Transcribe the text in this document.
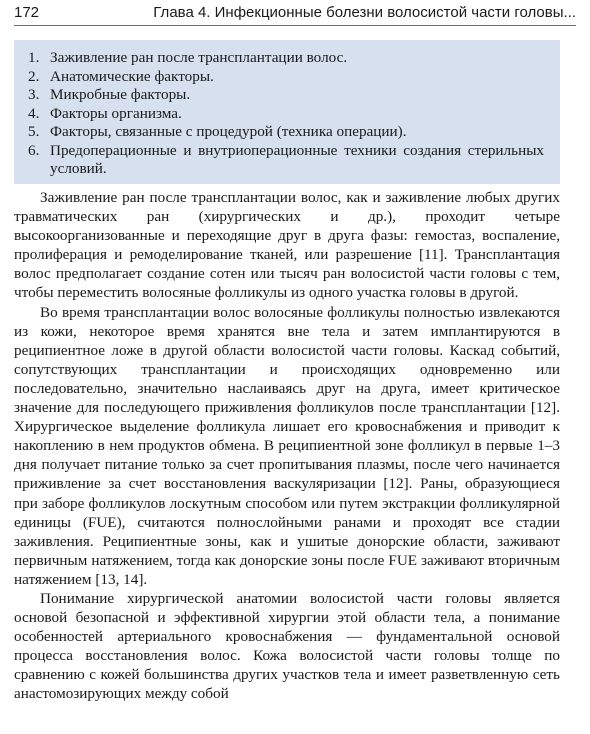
172	Глава 4. Инфекционные болезни волосистой части головы...
1. Заживление ран после трансплантации волос.
2. Анатомические факторы.
3. Микробные факторы.
4. Факторы организма.
5. Факторы, связанные с процедурой (техника операции).
6. Предоперационные и внутриоперационные техники создания стерильных условий.

Заживление ран после трансплантации волос, как и заживление любых других травматических ран (хирургических и др.), проходит четыре высокоорганизованные и переходящие друг в друга фазы: гемостаз, воспаление, пролиферация и ремоделирование тканей, или разрешение [11]. Трансплантация волос предполагает создание сотен или тысяч ран волосистой части головы с тем, чтобы переместить волосяные фолликулы из одного участка головы в другой.

Во время трансплантации волос волосяные фолликулы полностью извлекаются из кожи, некоторое время хранятся вне тела и затем имплантируются в реципиентное ложе в другой области волосистой части головы. Каскад событий, сопутствующих трансплантации и происходящих одновременно или последовательно, значительно наслаиваясь друг на друга, имеет критическое значение для последующего приживления фолликулов после трансплантации [12]. Хирургическое выделение фолликула лишает его кровоснабжения и приводит к накоплению в нем продуктов обмена. В реципиентной зоне фолликул в первые 1–3 дня получает питание только за счет пропитывания плазмы, после чего начинается приживление за счет восстановления васкуляризации [12]. Раны, образующиеся при заборе фолликулов лоскутным способом или путем экстракции фолликулярной единицы (FUE), считаются полнослойными ранами и проходят все стадии заживления. Реципиентные зоны, как и ушитые донорские области, заживают первичным натяжением, тогда как донорские зоны после FUE заживают вторичным натяжением [13, 14].

Понимание хирургической анатомии волосистой части головы является основой безопасной и эффективной хирургии этой области тела, а понимание особенностей артериального кровоснабжения — фундаментальной основой процесса восстановления волос. Кожа волосистой части головы толще по сравнению с кожей большинства других участков тела и имеет разветвленную сеть анастомозирующих между собой
